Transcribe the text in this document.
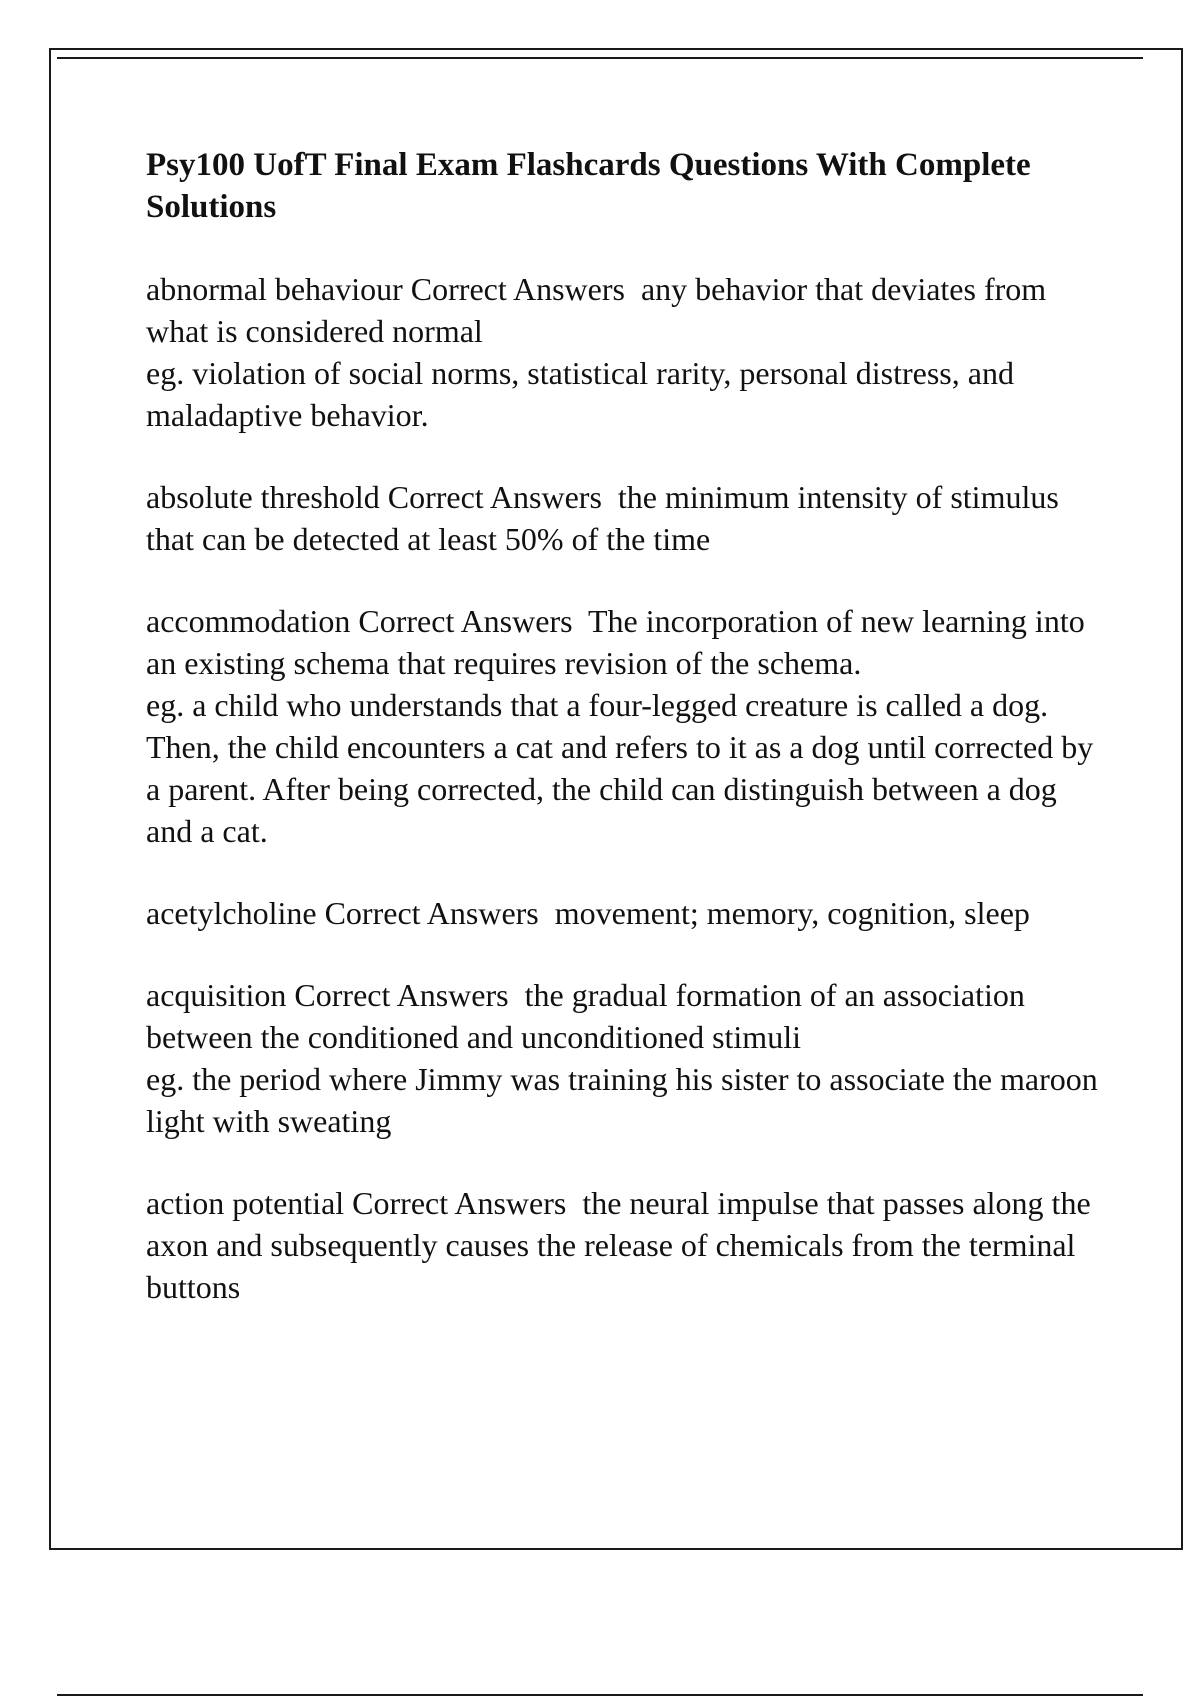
Psy100 UofT Final Exam Flashcards Questions With Complete Solutions

abnormal behaviour Correct Answers  any behavior that deviates from what is considered normal

eg. violation of social norms, statistical rarity, personal distress, and maladaptive behavior.

absolute threshold Correct Answers  the minimum intensity of stimulus that can be detected at least 50% of the time

accommodation Correct Answers  The incorporation of new learning into an existing schema that requires revision of the schema.

eg. a child who understands that a four-legged creature is called a dog. Then, the child encounters a cat and refers to it as a dog until corrected by a parent. After being corrected, the child can distinguish between a dog and a cat.

acetylcholine Correct Answers  movement; memory, cognition, sleep

acquisition Correct Answers  the gradual formation of an association between the conditioned and unconditioned stimuli

eg. the period where Jimmy was training his sister to associate the maroon light with sweating

action potential Correct Answers  the neural impulse that passes along the axon and subsequently causes the release of chemicals from the terminal buttons
